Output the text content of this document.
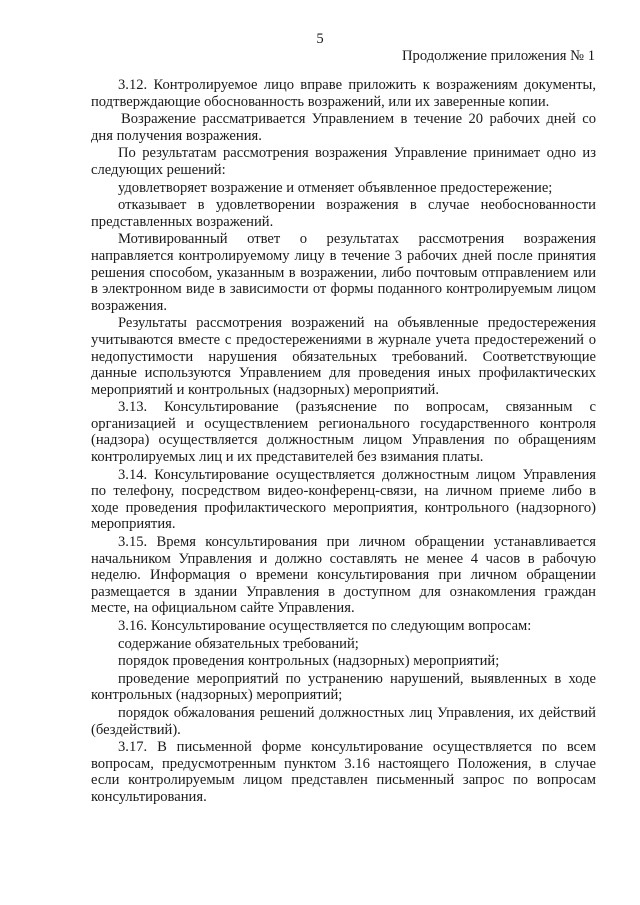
5
Продолжение приложения № 1

3.12. Контролируемое лицо вправе приложить к возражениям документы, подтверждающие обоснованность возражений, или их заверенные копии.

Возражение рассматривается Управлением в течение 20 рабочих дней со дня получения возражения.

По результатам рассмотрения возражения Управление принимает одно из следующих решений:

удовлетворяет возражение и отменяет объявленное предостережение;

отказывает в удовлетворении возражения в случае необоснованности представленных возражений.

Мотивированный ответ о результатах рассмотрения возражения направляется контролируемому лицу в течение 3 рабочих дней после принятия решения способом, указанным в возражении, либо почтовым отправлением или в электронном виде в зависимости от формы поданного контролируемым лицом возражения.

Результаты рассмотрения возражений на объявленные предостережения учитываются вместе с предостережениями в журнале учета предостережений о недопустимости нарушения обязательных требований. Соответствующие данные используются Управлением для проведения иных профилактических мероприятий и контрольных (надзорных) мероприятий.

3.13. Консультирование (разъяснение по вопросам, связанным с организацией и осуществлением регионального государственного контроля (надзора) осуществляется должностным лицом Управления по обращениям контролируемых лиц и их представителей без взимания платы.

3.14. Консультирование осуществляется должностным лицом Управления по телефону, посредством видео-конференц-связи, на личном приеме либо в ходе проведения профилактического мероприятия, контрольного (надзорного) мероприятия.

3.15. Время консультирования при личном обращении устанавливается начальником Управления и должно составлять не менее 4 часов в рабочую неделю. Информация о времени консультирования при личном обращении размещается в здании Управления в доступном для ознакомления граждан месте, на официальном сайте Управления.

3.16. Консультирование осуществляется по следующим вопросам:

содержание обязательных требований;

порядок проведения контрольных (надзорных) мероприятий;

проведение мероприятий по устранению нарушений, выявленных в ходе контрольных (надзорных) мероприятий;

порядок обжалования решений должностных лиц Управления, их действий (бездействий).

3.17. В письменной форме консультирование осуществляется по всем вопросам, предусмотренным пунктом 3.16 настоящего Положения, в случае если контролируемым лицом представлен письменный запрос по вопросам консультирования.
